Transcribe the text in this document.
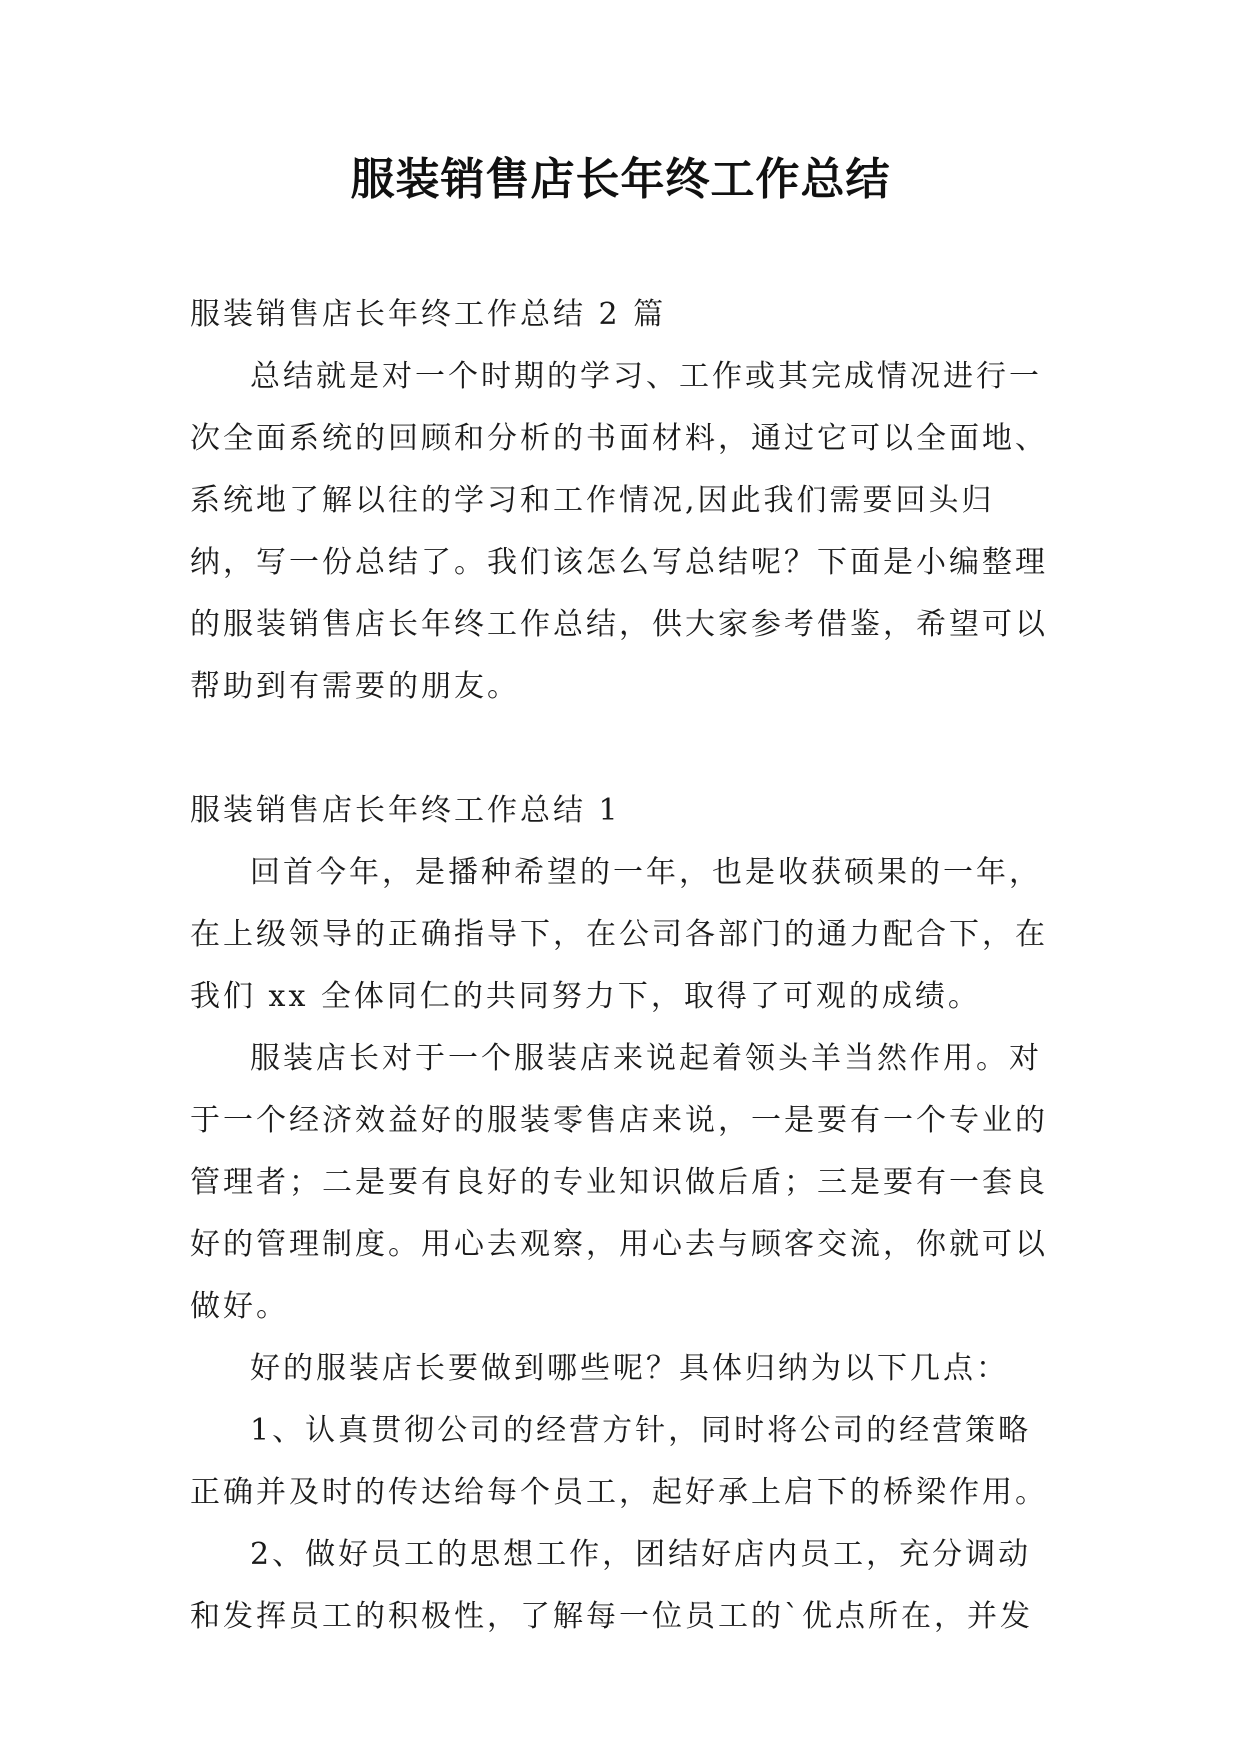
服装销售店长年终工作总结

服装销售店长年终工作总结 2 篇

总结就是对一个时期的学习、工作或其完成情况进行一次全面系统的回顾和分析的书面材料，通过它可以全面地、系统地了解以往的学习和工作情况,因此我们需要回头归纳，写一份总结了。我们该怎么写总结呢？下面是小编整理的服装销售店长年终工作总结，供大家参考借鉴，希望可以帮助到有需要的朋友。

服装销售店长年终工作总结 1

回首今年，是播种希望的一年，也是收获硕果的一年，在上级领导的正确指导下，在公司各部门的通力配合下，在我们 xx 全体同仁的共同努力下，取得了可观的成绩。

服装店长对于一个服装店来说起着领头羊当然作用。对于一个经济效益好的服装零售店来说，一是要有一个专业的管理者；二是要有良好的专业知识做后盾；三是要有一套良好的管理制度。用心去观察，用心去与顾客交流，你就可以做好。

好的服装店长要做到哪些呢？具体归纳为以下几点：

1、认真贯彻公司的经营方针，同时将公司的经营策略正确并及时的传达给每个员工，起好承上启下的桥梁作用。

2、做好员工的思想工作，团结好店内员工，充分调动和发挥员工的积极性，了解每一位员工的`优点所在，并发
